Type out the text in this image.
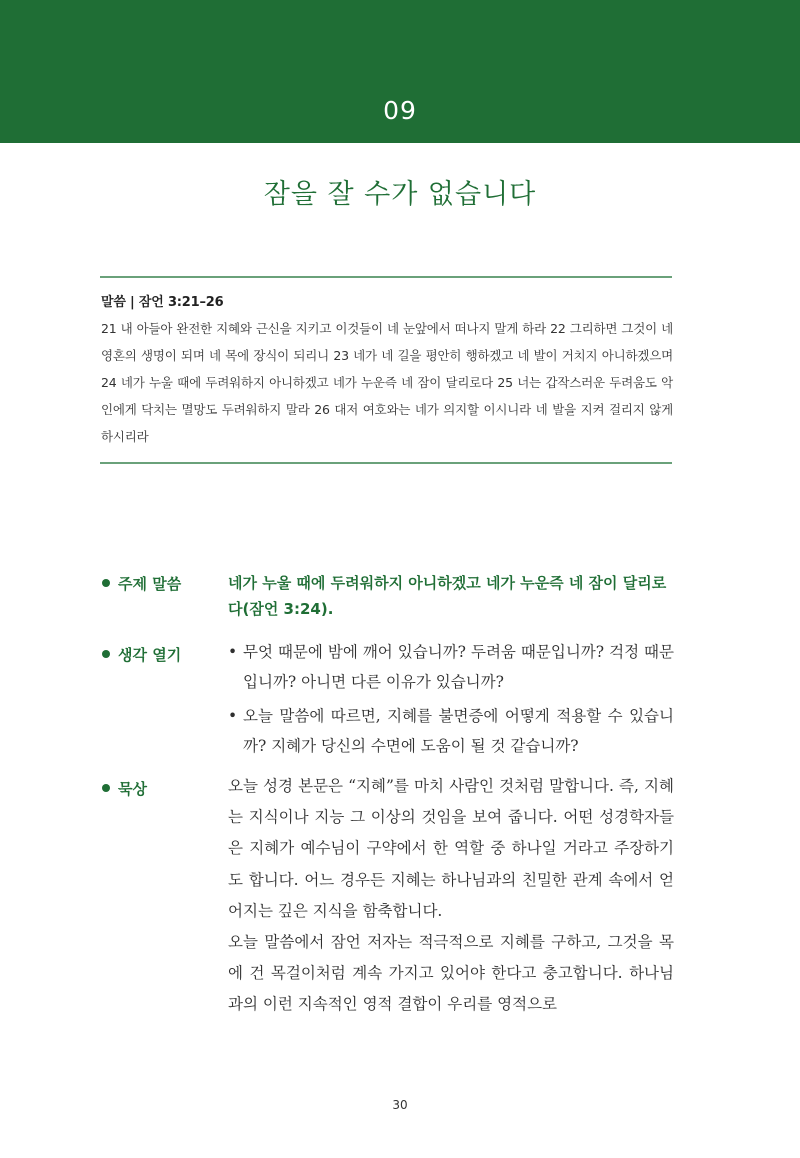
09
잠을 잘 수가 없습니다
말씀 | 잠언 3:21–26
21 내 아들아 완전한 지혜와 근신을 지키고 이것들이 네 눈앞에서 떠나지 말게 하라 22 그리하면 그것이 네 영혼의 생명이 되며 네 목에 장식이 되리니 23 네가 네 길을 평안히 행하겠고 네 발이 거치지 아니하겠으며 24 네가 누울 때에 두려워하지 아니하겠고 네가 누운즉 네 잠이 달리로다 25 너는 갑작스러운 두려움도 악인에게 닥치는 멸망도 두려워하지 말라 26 대저 여호와는 네가 의지할 이시니라 네 발을 지켜 걸리지 않게 하시리라
주제 말씀	네가 누울 때에 두려워하지 아니하겠고 네가 누운즉 네 잠이 달리로다(잠언 3:24).
생각 열기	• 무엇 때문에 밤에 깨어 있습니까? 두려움 때문입니까? 걱정 때문입니까? 아니면 다른 이유가 있습니까?
• 오늘 말씀에 따르면, 지혜를 불면증에 어떻게 적용할 수 있습니까? 지혜가 당신의 수면에 도움이 될 것 같습니까?
묵상	오늘 성경 본문은 “지혜”를 마치 사람인 것처럼 말합니다. 즉, 지혜는 지식이나 지능 그 이상의 것임을 보여 줍니다. 어떤 성경학자들은 지혜가 예수님이 구약에서 한 역할 중 하나일 거라고 주장하기도 합니다. 어느 경우든 지혜는 하나님과의 친밀한 관계 속에서 얻어지는 깊은 지식을 함축합니다.

오늘 말씀에서 잠언 저자는 적극적으로 지혜를 구하고, 그것을 목에 건 목걸이처럼 계속 가지고 있어야 한다고 충고합니다. 하나님과의 이런 지속적인 영적 결합이 우리를 영적으로

30
